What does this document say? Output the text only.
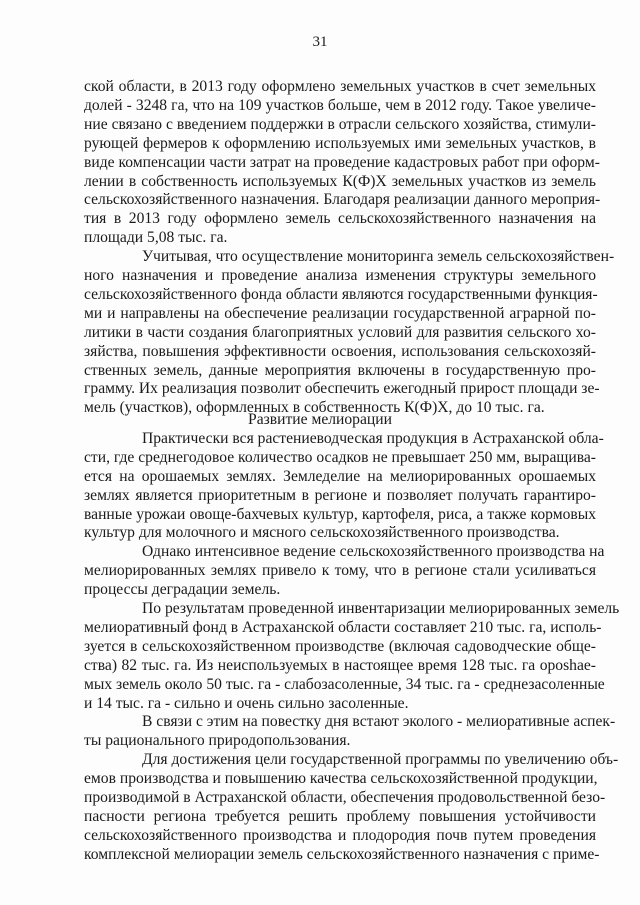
31
Развитие мелиорации
ской области, в 2013 году оформлено земельных участков в счет земельных
долей - 3248 га, что на 109 участков больше, чем в 2012 году. Такое увеличе-
ние связано с введением поддержки в отрасли сельского хозяйства, стимули-
рующей фермеров к оформлению используемых ими земельных участков, в
виде компенсации части затрат на проведение кадастровых работ при оформ-
лении в собственность используемых К(Ф)Х земельных участков из земель
сельскохозяйственного назначения. Благодаря реализации данного мероприя-
тия в 2013 году оформлено земель сельскохозяйственного назначения на
площади 5,08 тыс. га.
Учитывая, что осуществление мониторинга земель сельскохозяйствен-
ного назначения и проведение анализа изменения структуры земельного
сельскохозяйственного фонда области являются государственными функция-
ми и направлены на обеспечение реализации государственной аграрной по-
литики в части создания благоприятных условий для развития сельского хо-
зяйства, повышения эффективности освоения, использования сельскохозяй-
ственных земель, данные мероприятия включены в государственную про-
грамму. Их реализация позволит обеспечить ежегодный прирост площади зе-
мель (участков), оформленных в собственность К(Ф)Х, до 10 тыс. га.
Практически вся растениеводческая продукция в Астраханской обла-
сти, где среднегодовое количество осадков не превышает 250 мм, выращива-
ется на орошаемых землях. Земледелие на мелиорированных орошаемых
землях является приоритетным в регионе и позволяет получать гарантиро-
ванные урожаи овоще-бахчевых культур, картофеля, риса, а также кормовых
культур для молочного и мясного сельскохозяйственного производства.
Однако интенсивное ведение сельскохозяйственного производства на
мелиорированных землях привело к тому, что в регионе стали усиливаться
процессы деградации земель.
По результатам проведенной инвентаризации мелиорированных земель
мелиоративный фонд в Астраханской области составляет 210 тыс. га, исполь-
зуется в сельскохозяйственном производстве (включая садоводческие обще-
ства) 82 тыс. га. Из неиспользуемых в настоящее время 128 тыс. га ороshae-
мых земель около 50 тыс. га - слабозасоленные, 34 тыс. га - среднезасоленные
и 14 тыс. га - сильно и очень сильно засоленные.
В связи с этим на повестку дня встают эколого - мелиоративные аспек-
ты рационального природопользования.
Для достижения цели государственной программы по увеличению объ-
емов производства и повышению качества сельскохозяйственной продукции,
производимой в Астраханской области, обеспечения продовольственной безо-
пасности региона требуется решить проблему повышения устойчивости
сельскохозяйственного производства и плодородия почв путем проведения
комплексной мелиорации земель сельскохозяйственного назначения с приме-
